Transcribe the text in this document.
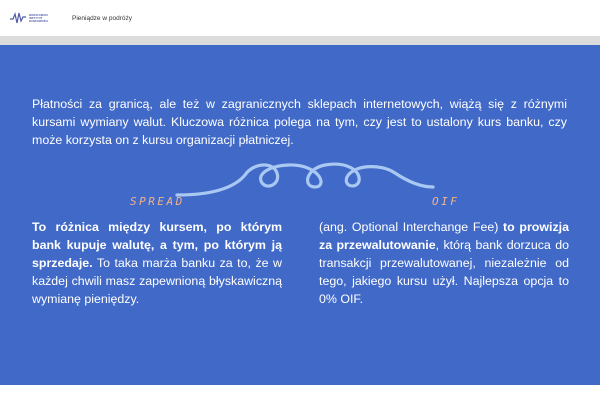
WARSZAWSKI
INSTYTUT
BANKOWOŚCI	Pieniądze w podróży

Płatności za granicą, ale też w zagranicznych sklepach internetowych, wiążą się z różnymi kursami wymiany walut. Kluczowa różnica polega na tym, czy jest to ustalony kurs banku, czy może korzysta on z kursu organizacji płatniczej.

SPREAD	OIF

To różnica między kursem, po którym bank kupuje walutę, a tym, po którym ją sprzedaje. To taka marża banku za to, że w każdej chwili masz zapewnioną błyskawiczną wymianę pieniędzy.

(ang. Optional Interchange Fee) to prowizja za przewalutowanie, którą bank dorzuca do transakcji przewalutowanej, niezależnie od tego, jakiego kursu użył. Najlepsza opcja to 0% OIF.
